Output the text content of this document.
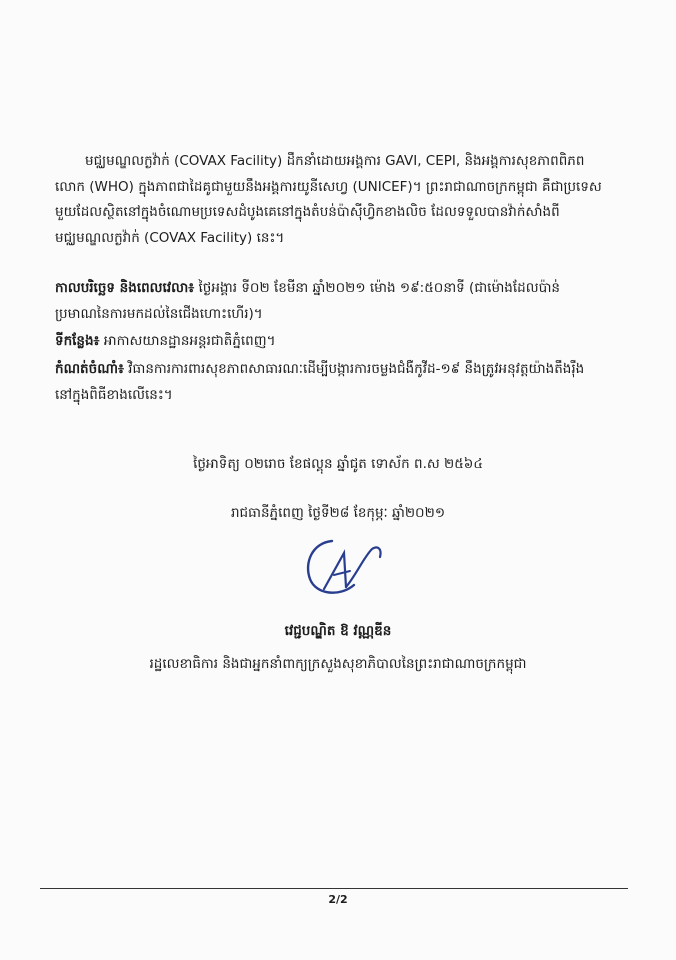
មជ្ឈមណ្ឌលក្ងវ៉ាក់ (COVAX Facility) ដឹកនាំដោយអង្គការ GAVI, CEPI, និងអង្គការសុខភាពពិភព
លោក (WHO) ក្នុងភាពជាដៃគូជាមួយនឹងអង្គការយូនីសេហ្វ (UNICEF)។ ព្រះរាជាណាចក្រកម្ពុជា គឺជាប្រទេស
មួយដែលស្ថិតនៅក្នុងចំណោមប្រទេសដំបូងគេនៅក្នុងតំបន់ប៉ាស៊ីហ្វិកខាងលិច ដែលទទួលបានវ៉ាក់សាំងពី
មជ្ឈមណ្ឌលក្ងវ៉ាក់ (COVAX Facility) នេះ។

កាលបរិច្ឆេទ និងពេលវេលា៖ ថ្ងៃអង្គារ ទី០២ ខែមីនា ឆ្នាំ២០២១ ម៉ោង ១៩:៥០នាទី (ជាម៉ោងដែលប៉ាន់
ប្រមាណនៃការមកដល់នៃជើងហោះហើរ)។
ទីកន្លែង៖ អាកាសយានដ្ឋានអន្តរជាតិភ្នំពេញ។
កំណត់ចំណាំ៖ វិធានការការពារសុខភាពសាធារណៈដើម្បីបង្ការការចម្លងជំងឺកូវីដ-១៩ នឹងត្រូវអនុវត្តយ៉ាងតឹងរ៉ឹង
នៅក្នុងពិធីខាងលើនេះ។
ថ្ងៃអាទិត្យ ០២រោច ខែផល្គុន ឆ្នាំជូត ទោស័ក ព.ស ២៥៦៤
រាជធានីភ្នំពេញ ថ្ងៃទី២៨ ខែកុម្ភៈ ឆ្នាំ២០២១
វេជ្ជបណ្ឌិត ឱ វណ្ណឌីន
រដ្ឋលេខាធិការ និងជាអ្នកនាំពាក្យក្រសួងសុខាភិបាលនៃព្រះរាជាណាចក្រកម្ពុជា
2/2
